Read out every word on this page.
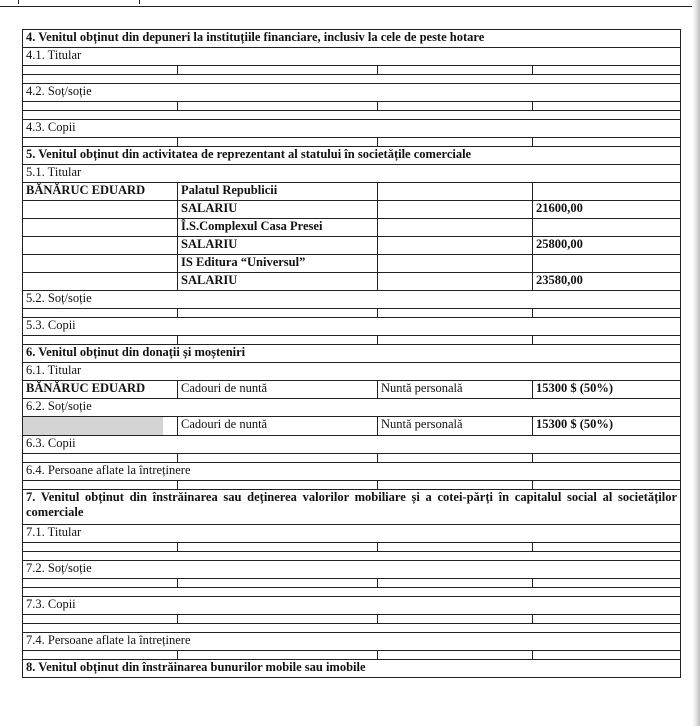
4. Venitul obținut din depuneri la instituțiile financiare, inclusiv la cele de peste hotare			
4.1. Titular			

4.2. Soț/soție			

4.3. Copii			

5. Venitul obținut din activitatea de reprezentant al statului în societățile comerciale			
5.1. Titular			
BĂNĂRUC EDUARD	Palatul Republicii		
	SALARIU		21600,00
	Î.S.Complexul Casa Presei		
	SALARIU		25800,00
	IS Editura “Universul”		
	SALARIU		23580,00
5.2. Soț/soție			

5.3. Copii			

6. Venitul obținut din donații și moșteniri			
6.1. Titular			
BĂNĂRUC EDUARD	Cadouri de nuntă	Nuntă personală	15300 $ (50%)
6.2. Soț/soție			
	Cadouri de nuntă	Nuntă personală	15300 $ (50%)
6.3. Copii			

6.4. Persoane aflate la întreținere			

7. Venitul obținut din înstrăinarea sau deținerea valorilor mobiliare și a cotei-părți în capitalul social al societăților comerciale			
7.1. Titular			

7.2. Soț/soție			

7.3. Copii			

7.4. Persoane aflate la întreținere			

8. Venitul obținut din înstrăinarea bunurilor mobile sau imobile			
